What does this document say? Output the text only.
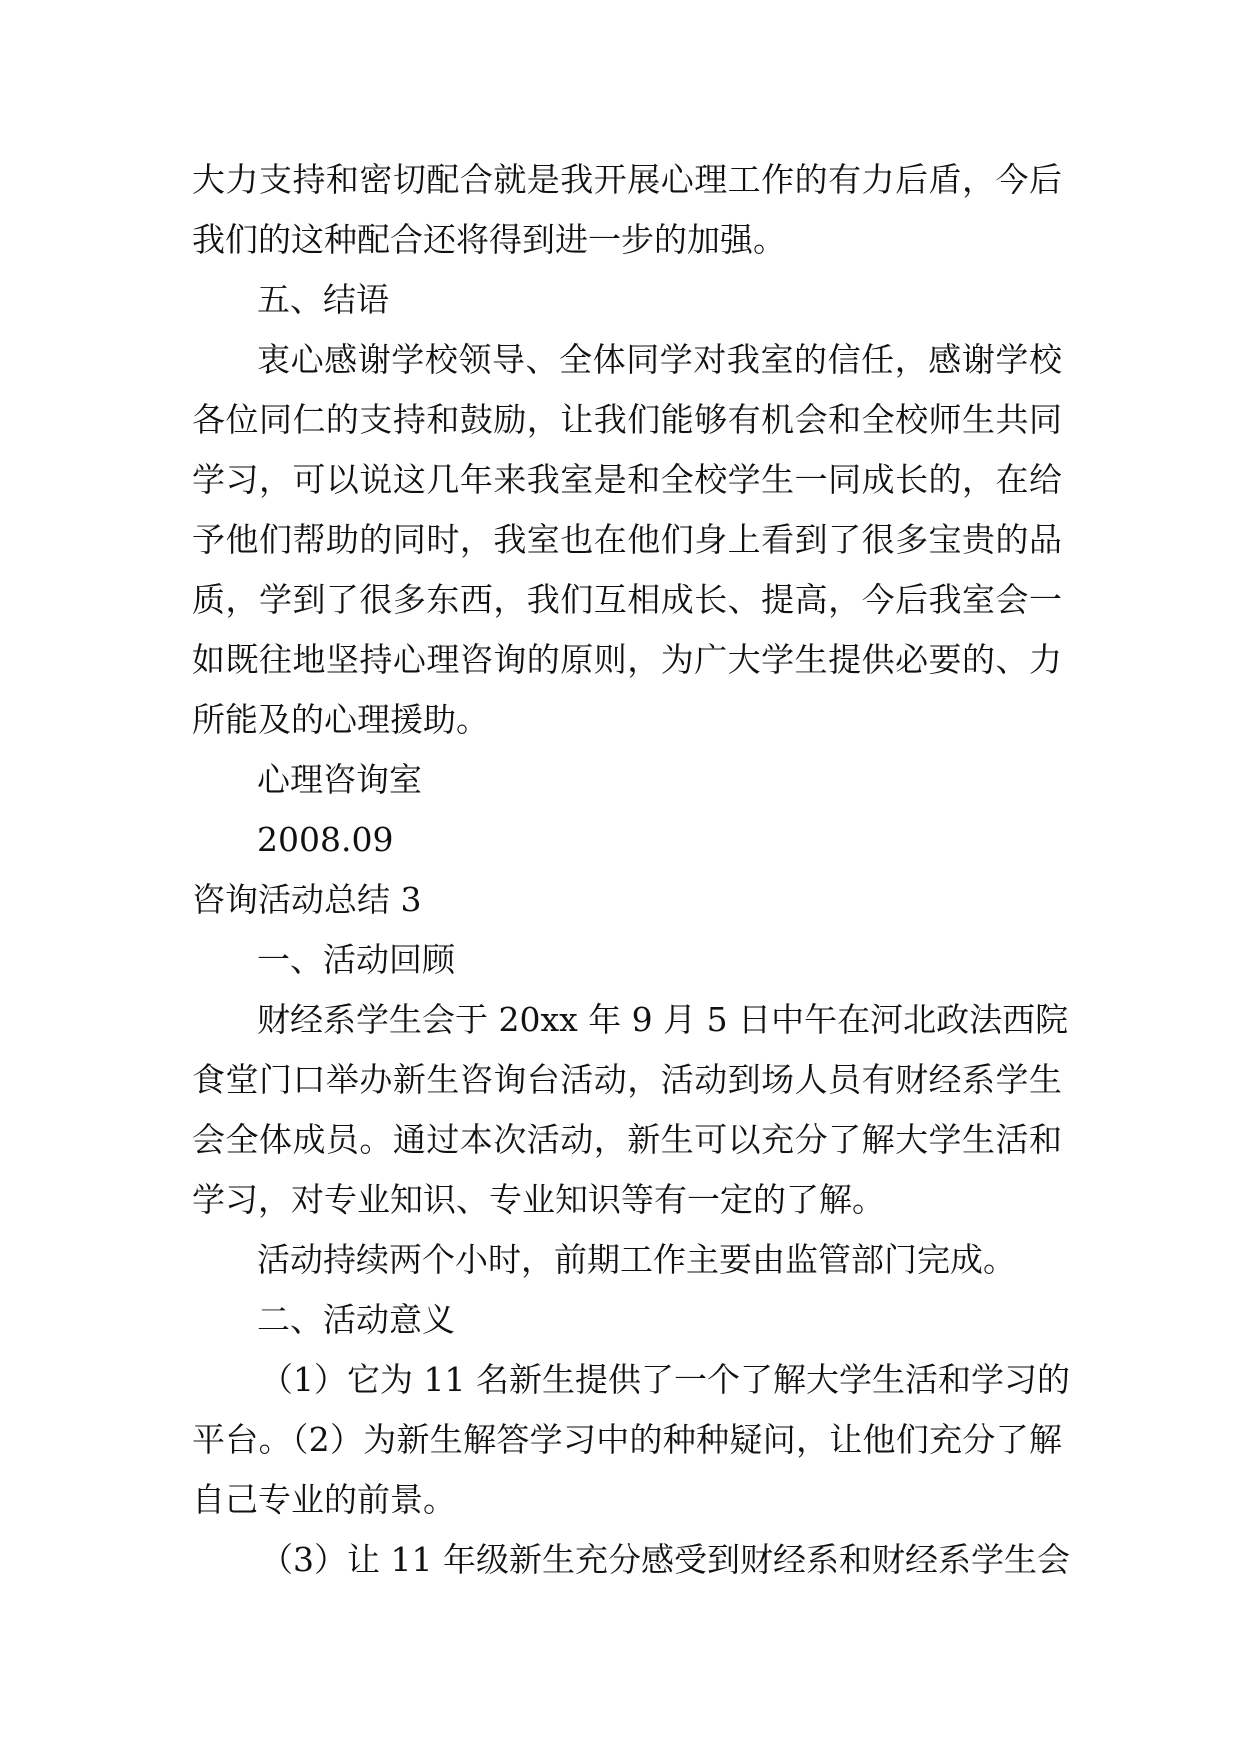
大力支持和密切配合就是我开展心理工作的有力后盾，今后
我们的这种配合还将得到进一步的加强。
五、结语
衷心感谢学校领导、全体同学对我室的信任，感谢学校
各位同仁的支持和鼓励，让我们能够有机会和全校师生共同
学习，可以说这几年来我室是和全校学生一同成长的，在给
予他们帮助的同时，我室也在他们身上看到了很多宝贵的品
质，学到了很多东西，我们互相成长、提高，今后我室会一
如既往地坚持心理咨询的原则，为广大学生提供必要的、力
所能及的心理援助。
心理咨询室
2008.09
咨询活动总结 3
一、活动回顾
财经系学生会于 20xx 年 9 月 5 日中午在河北政法西院
食堂门口举办新生咨询台活动，活动到场人员有财经系学生
会全体成员。通过本次活动，新生可以充分了解大学生活和
学习，对专业知识、专业知识等有一定的了解。
活动持续两个小时，前期工作主要由监管部门完成。
二、活动意义
（1）它为 11 名新生提供了一个了解大学生活和学习的
平台。（2）为新生解答学习中的种种疑问，让他们充分了解
自己专业的前景。
（3）让 11 年级新生充分感受到财经系和财经系学生会
